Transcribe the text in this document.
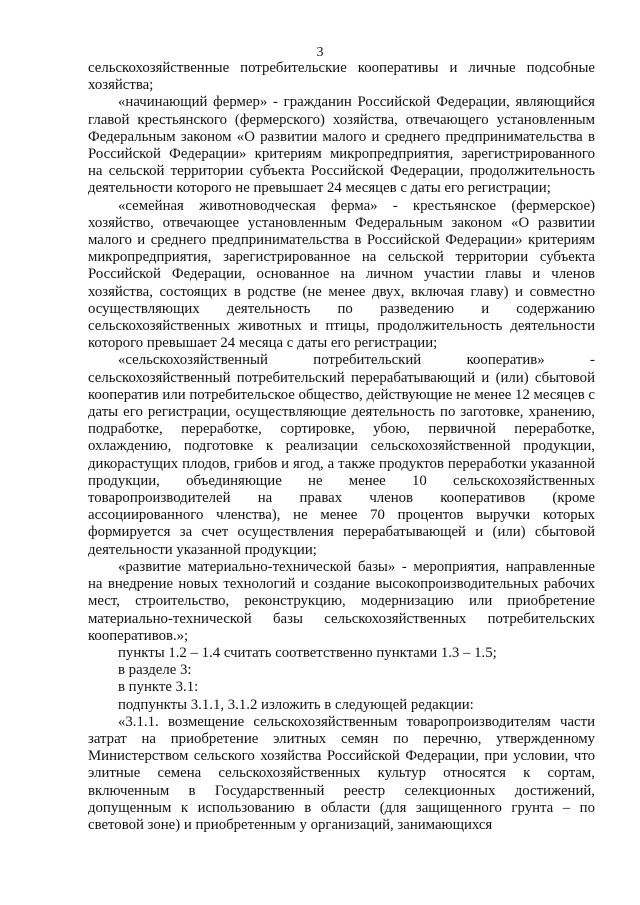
3

сельскохозяйственные потребительские кооперативы и личные подсобные хозяйства;

«начинающий фермер» - гражданин Российской Федерации, являющийся главой крестьянского (фермерского) хозяйства, отвечающего установленным Федеральным законом «О развитии малого и среднего предпринимательства в Российской Федерации» критериям микропредприятия, зарегистрированного на сельской территории субъекта Российской Федерации, продолжительность деятельности которого не превышает 24 месяцев с даты его регистрации;

«семейная животноводческая ферма» - крестьянское (фермерское) хозяйство, отвечающее установленным Федеральным законом «О развитии малого и среднего предпринимательства в Российской Федерации» критериям микропредприятия, зарегистрированное на сельской территории субъекта Российской Федерации, основанное на личном участии главы и членов хозяйства, состоящих в родстве (не менее двух, включая главу) и совместно осуществляющих деятельность по разведению и содержанию сельскохозяйственных животных и птицы, продолжительность деятельности которого превышает 24 месяца с даты его регистрации;

«сельскохозяйственный потребительский кооператив» - сельскохозяйственный потребительский перерабатывающий и (или) сбытовой кооператив или потребительское общество, действующие не менее 12 месяцев с даты его регистрации, осуществляющие деятельность по заготовке, хранению, подработке, переработке, сортировке, убою, первичной переработке, охлаждению, подготовке к реализации сельскохозяйственной продукции, дикорастущих плодов, грибов и ягод, а также продуктов переработки указанной продукции, объединяющие не менее 10 сельскохозяйственных товаропроизводителей на правах членов кооперативов (кроме ассоциированного членства), не менее 70 процентов выручки которых формируется за счет осуществления перерабатывающей и (или) сбытовой деятельности указанной продукции;

«развитие материально-технической базы» - мероприятия, направленные на внедрение новых технологий и создание высокопроизводительных рабочих мест, строительство, реконструкцию, модернизацию или приобретение материально-технической базы сельскохозяйственных потребительских кооперативов.»;

пункты 1.2 – 1.4 считать соответственно пунктами 1.3 – 1.5;

в разделе 3:

в пункте 3.1:

подпункты 3.1.1, 3.1.2 изложить в следующей редакции:

«3.1.1. возмещение сельскохозяйственным товаропроизводителям части затрат на приобретение элитных семян по перечню, утвержденному Министерством сельского хозяйства Российской Федерации, при условии, что элитные семена сельскохозяйственных культур относятся к сортам, включенным в Государственный реестр селекционных достижений, допущенным к использованию в области (для защищенного грунта – по световой зоне) и приобретенным у организаций, занимающихся
